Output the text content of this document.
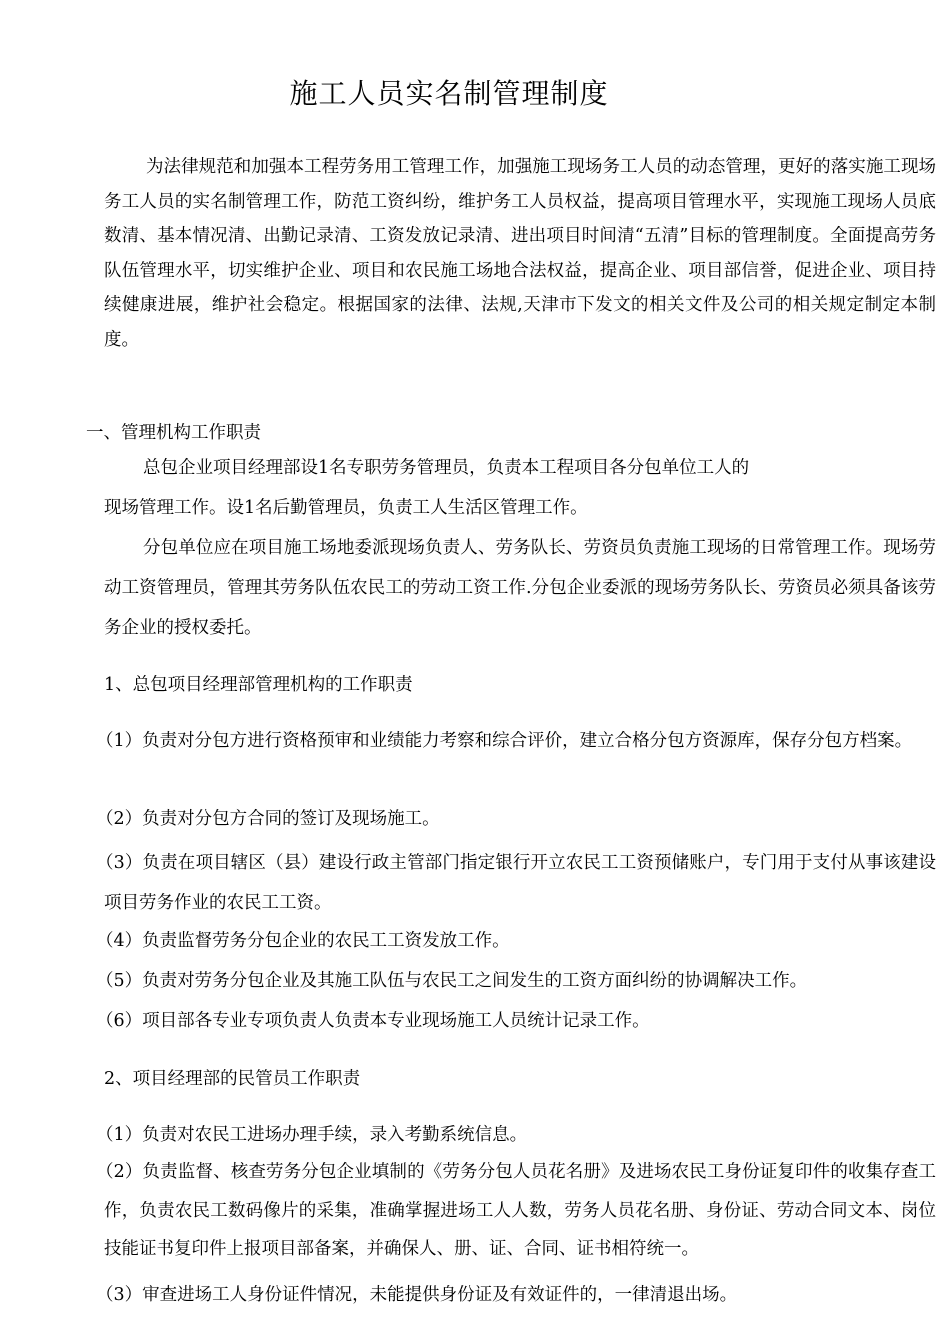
施工人员实名制管理制度

为法律规范和加强本工程劳务用工管理工作，加强施工现场务工人员的动态管理，更好的落实施工现场务工人员的实名制管理工作，防范工资纠纷，维护务工人员权益，提高项目管理水平，实现施工现场人员底数清、基本情况清、出勤记录清、工资发放记录清、进出项目时间清“五清”目标的管理制度。全面提高劳务队伍管理水平，切实维护企业、项目和农民施工场地合法权益，提高企业、项目部信誉，促进企业、项目持续健康进展，维护社会稳定。根据国家的法律、法规,天津市下发文的相关文件及公司的相关规定制定本制度。

一、管理机构工作职责

总包企业项目经理部设1名专职劳务管理员，负责本工程项目各分包单位工人的

现场管理工作。设1名后勤管理员，负责工人生活区管理工作。

分包单位应在项目施工场地委派现场负责人、劳务队长、劳资员负责施工现场的日常管理工作。现场劳动工资管理员，管理其劳务队伍农民工的劳动工资工作.分包企业委派的现场劳务队长、劳资员必须具备该劳务企业的授权委托。

1、总包项目经理部管理机构的工作职责

（1）负责对分包方进行资格预审和业绩能力考察和综合评价，建立合格分包方资源库，保存分包方档案。

（2）负责对分包方合同的签订及现场施工。

（3）负责在项目辖区（县）建设行政主管部门指定银行开立农民工工资预储账户，专门用于支付从事该建设项目劳务作业的农民工工资。

（4）负责监督劳务分包企业的农民工工资发放工作。

（5）负责对劳务分包企业及其施工队伍与农民工之间发生的工资方面纠纷的协调解决工作。

（6）项目部各专业专项负责人负责本专业现场施工人员统计记录工作。

2、项目经理部的民管员工作职责

（1）负责对农民工进场办理手续，录入考勤系统信息。

（2）负责监督、核查劳务分包企业填制的《劳务分包人员花名册》及进场农民工身份证复印件的收集存查工作，负责农民工数码像片的采集，准确掌握进场工人人数，劳务人员花名册、身份证、劳动合同文本、岗位技能证书复印件上报项目部备案，并确保人、册、证、合同、证书相符统一。

（3）审查进场工人身份证件情况，未能提供身份证及有效证件的，一律清退出场。
